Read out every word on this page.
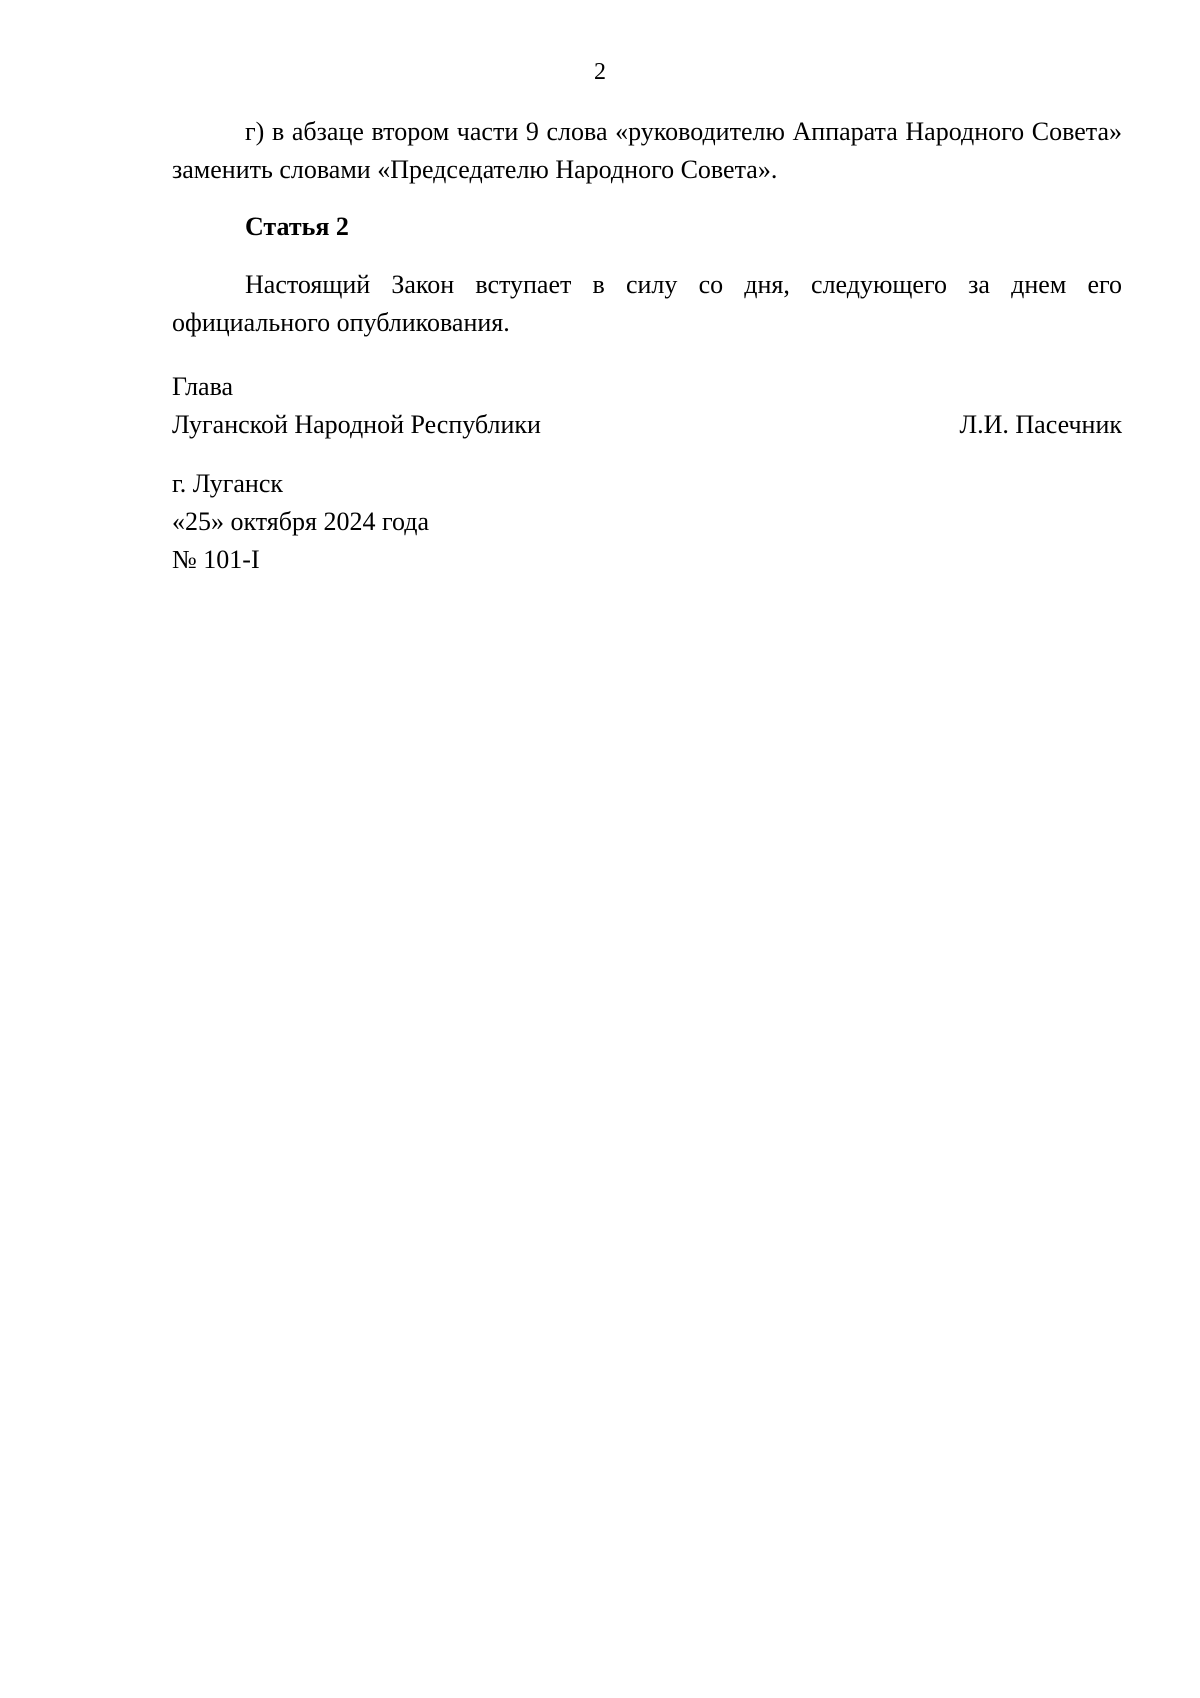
2

г) в абзаце втором части 9 слова «руководителю Аппарата Народного Совета» заменить словами «Председателю Народного Совета».

Статья 2

Настоящий Закон вступает в силу со дня, следующего за днем его официального опубликования.

Глава
Луганской Народной Республики	Л.И. Пасечник
г. Луганск
«25» октября 2024 года
№ 101-I
